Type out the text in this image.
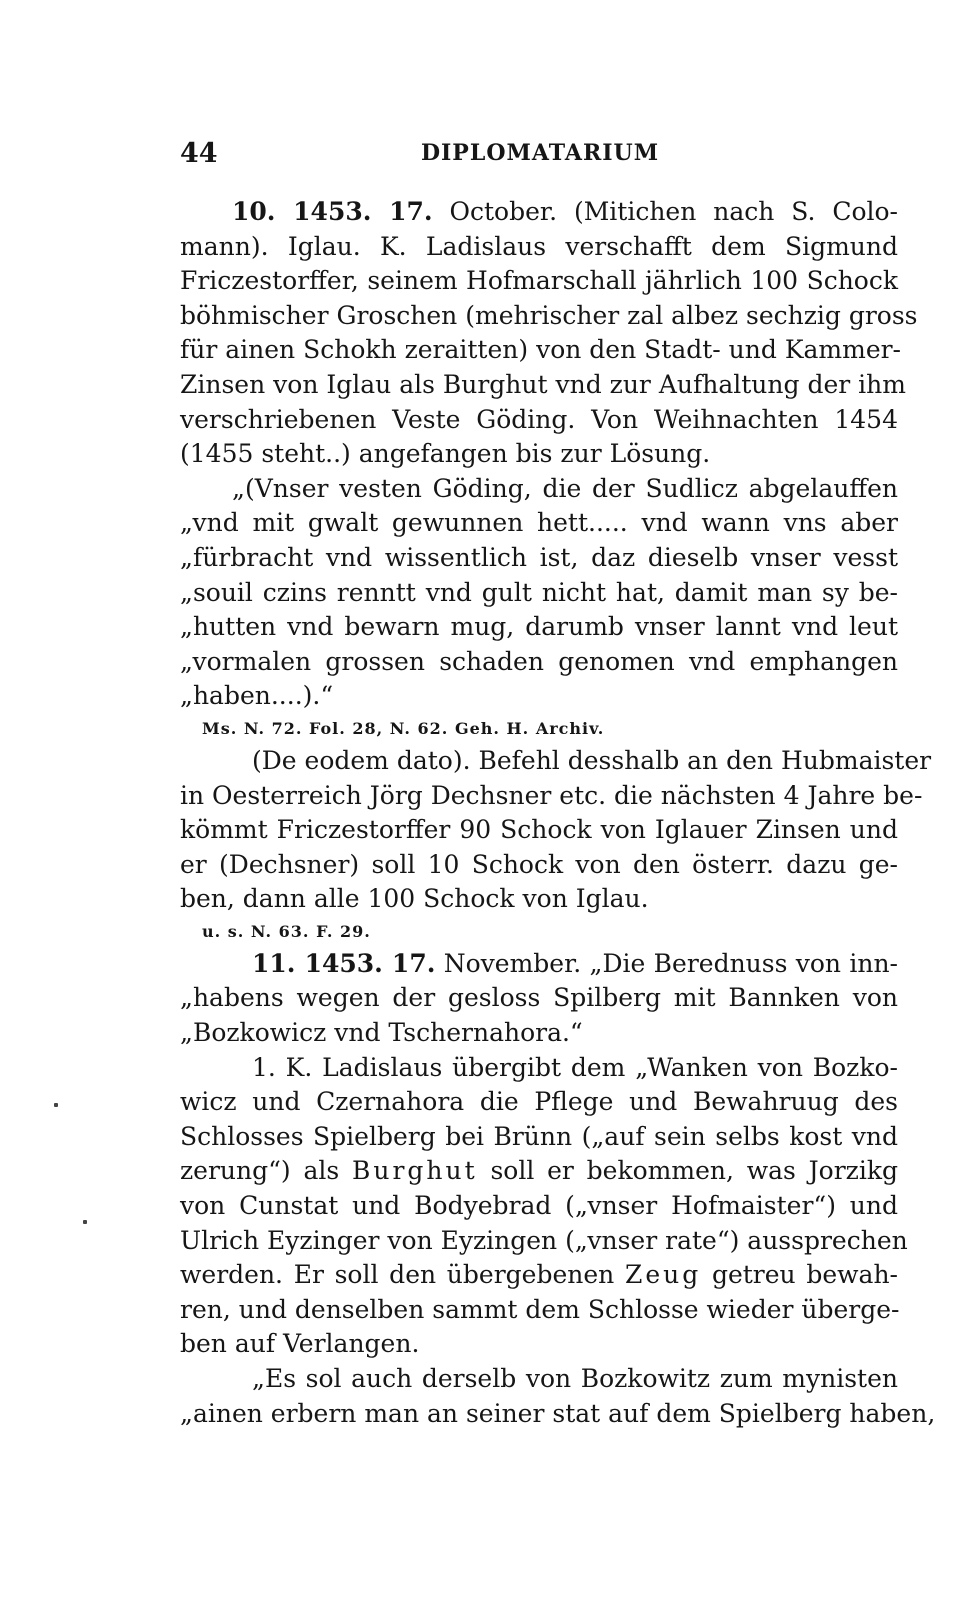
44	DIPLOMATARIUM
10. 1453. 17. October. (Mitichen nach S. Colo-
mann). Iglau. K. Ladislaus verschafft dem Sigmund
Friczestorffer, seinem Hofmarschall jährlich 100 Schock
böhmischer Groschen (mehrischer zal albez sechzig gross
für ainen Schokh zeraitten) von den Stadt- und Kammer-
Zinsen von Iglau als Burghut vnd zur Aufhaltung der ihm
verschriebenen Veste Göding. Von Weihnachten 1454
(1455 steht..) angefangen bis zur Lösung.
„(Vnser vesten Göding, die der Sudlicz abgelauffen
„vnd mit gwalt gewunnen hett..... vnd wann vns aber
„fürbracht vnd wissentlich ist, daz dieselb vnser vesst
„souil czins renntt vnd gult nicht hat, damit man sy be-
„hutten vnd bewarn mug, darumb vnser lannt vnd leut
„vormalen grossen schaden genomen vnd emphangen
„haben....).“
Ms. N. 72. Fol. 28, N. 62. Geh. H. Archiv.
(De eodem dato). Befehl desshalb an den Hubmaister
in Oesterreich Jörg Dechsner etc. die nächsten 4 Jahre be-
kömmt Friczestorffer 90 Schock von Iglauer Zinsen und
er (Dechsner) soll 10 Schock von den österr. dazu ge-
ben, dann alle 100 Schock von Iglau.
u. s. N. 63. F. 29.
11. 1453. 17. November. „Die Berednuss von inn-
„habens wegen der gesloss Spilberg mit Bannken von
„Bozkowicz vnd Tschernahora.“
1. K. Ladislaus übergibt dem „Wanken von Bozko-
wicz und Czernahora die Pflege und Bewahruug des
Schlosses Spielberg bei Brünn („auf sein selbs kost vnd
zerung“) als Burghut soll er bekommen, was Jorzikg
von Cunstat und Bodyebrad („vnser Hofmaister“) und
Ulrich Eyzinger von Eyzingen („vnser rate“) aussprechen
werden. Er soll den übergebenen Zeug getreu bewah-
ren, und denselben sammt dem Schlosse wieder überge-
ben auf Verlangen.
„Es sol auch derselb von Bozkowitz zum mynisten
„ainen erbern man an seiner stat auf dem Spielberg haben,
